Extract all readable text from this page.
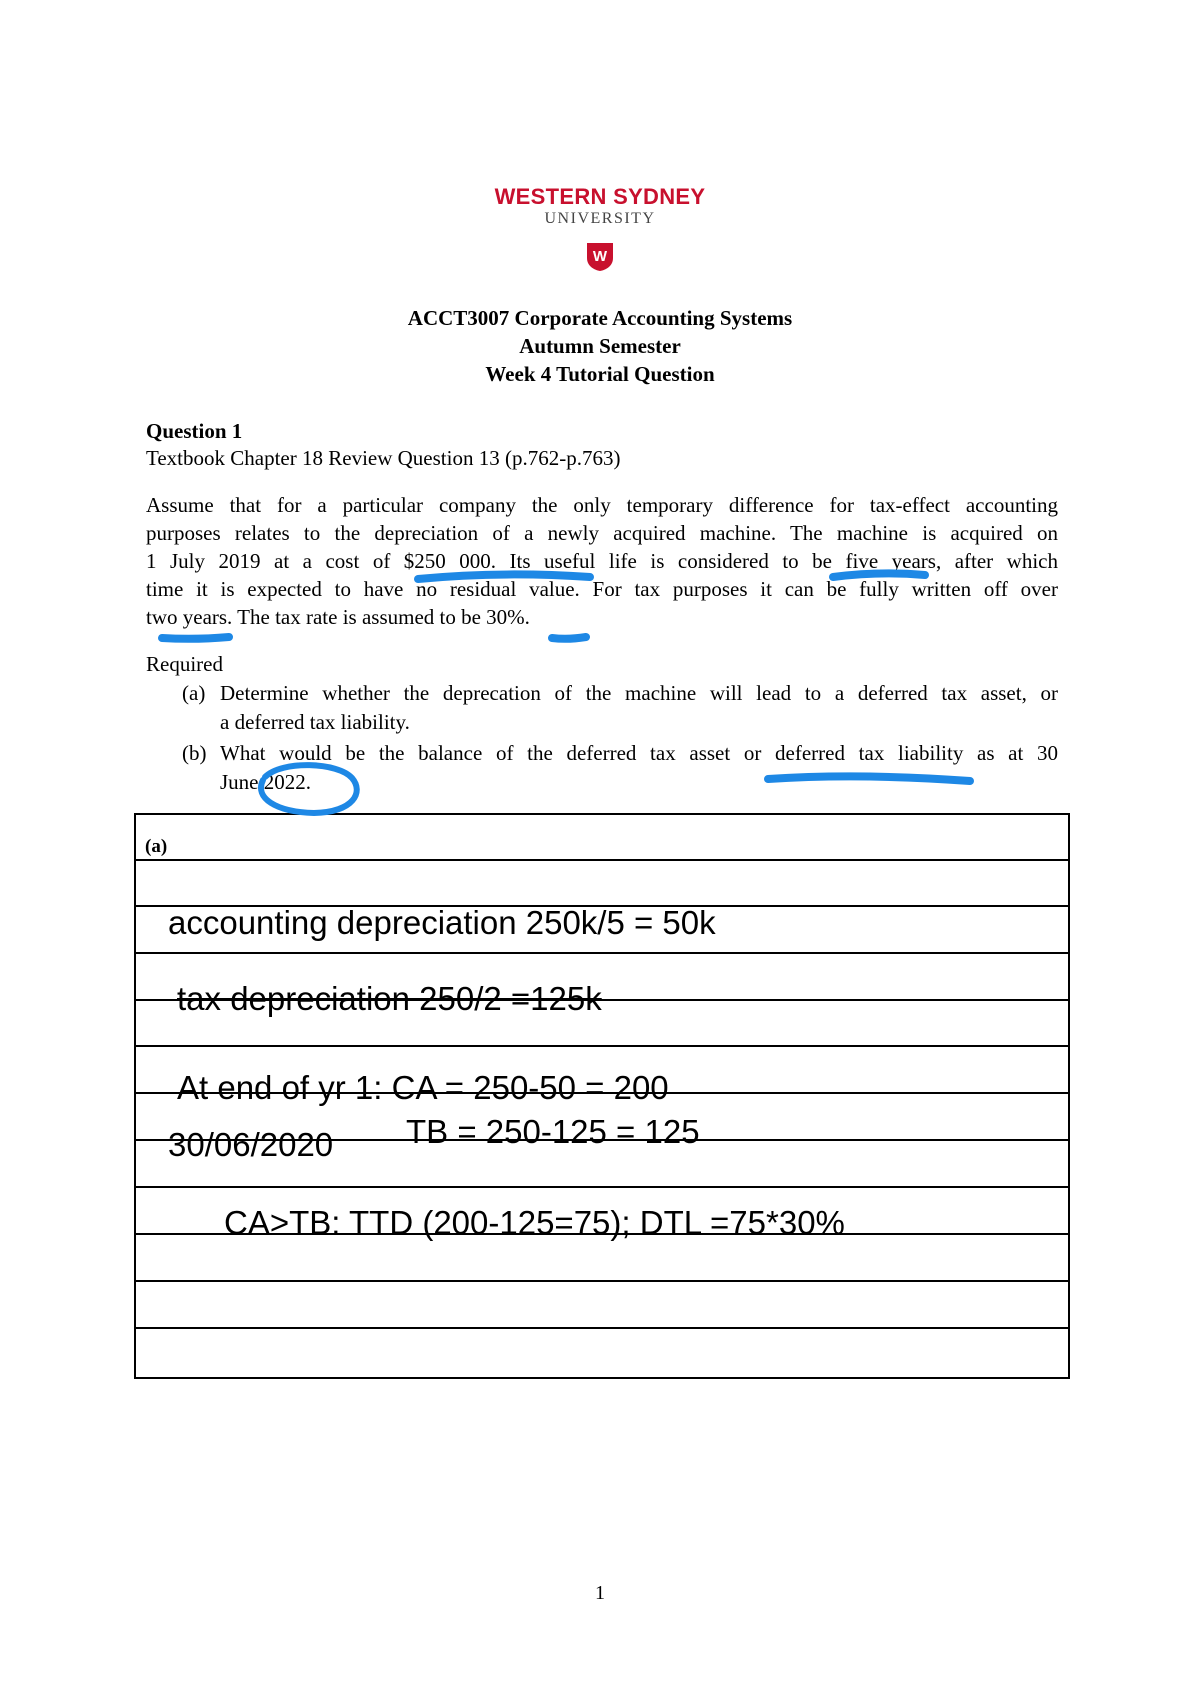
WESTERN SYDNEY
UNIVERSITY
W
ACCT3007 Corporate Accounting Systems
Autumn Semester
Week 4 Tutorial Question
Question 1
Textbook Chapter 18 Review Question 13 (p.762-p.763)
Assume that for a particular company the only temporary difference for tax-effect accounting
purposes relates to the depreciation of a newly acquired machine. The machine is acquired on
1 July 2019 at a cost of $250 000. Its useful life is considered to be five years, after which
time it is expected to have no residual value. For tax purposes it can be fully written off over
two years. The tax rate is assumed to be 30%.
Required
(a) Determine whether the deprecation of the machine will lead to a deferred tax asset, or
a deferred tax liability.
(b) What would be the balance of the deferred tax asset or deferred tax liability as at 30
June 2022.
(a)
accounting depreciation 250k/5 = 50k
tax depreciation 250/2 =125k
At end of yr 1: CA = 250-50 = 200
30/06/2020 TB = 250-125 = 125
CA>TB: TTD (200-125=75); DTL =75*30%
1
